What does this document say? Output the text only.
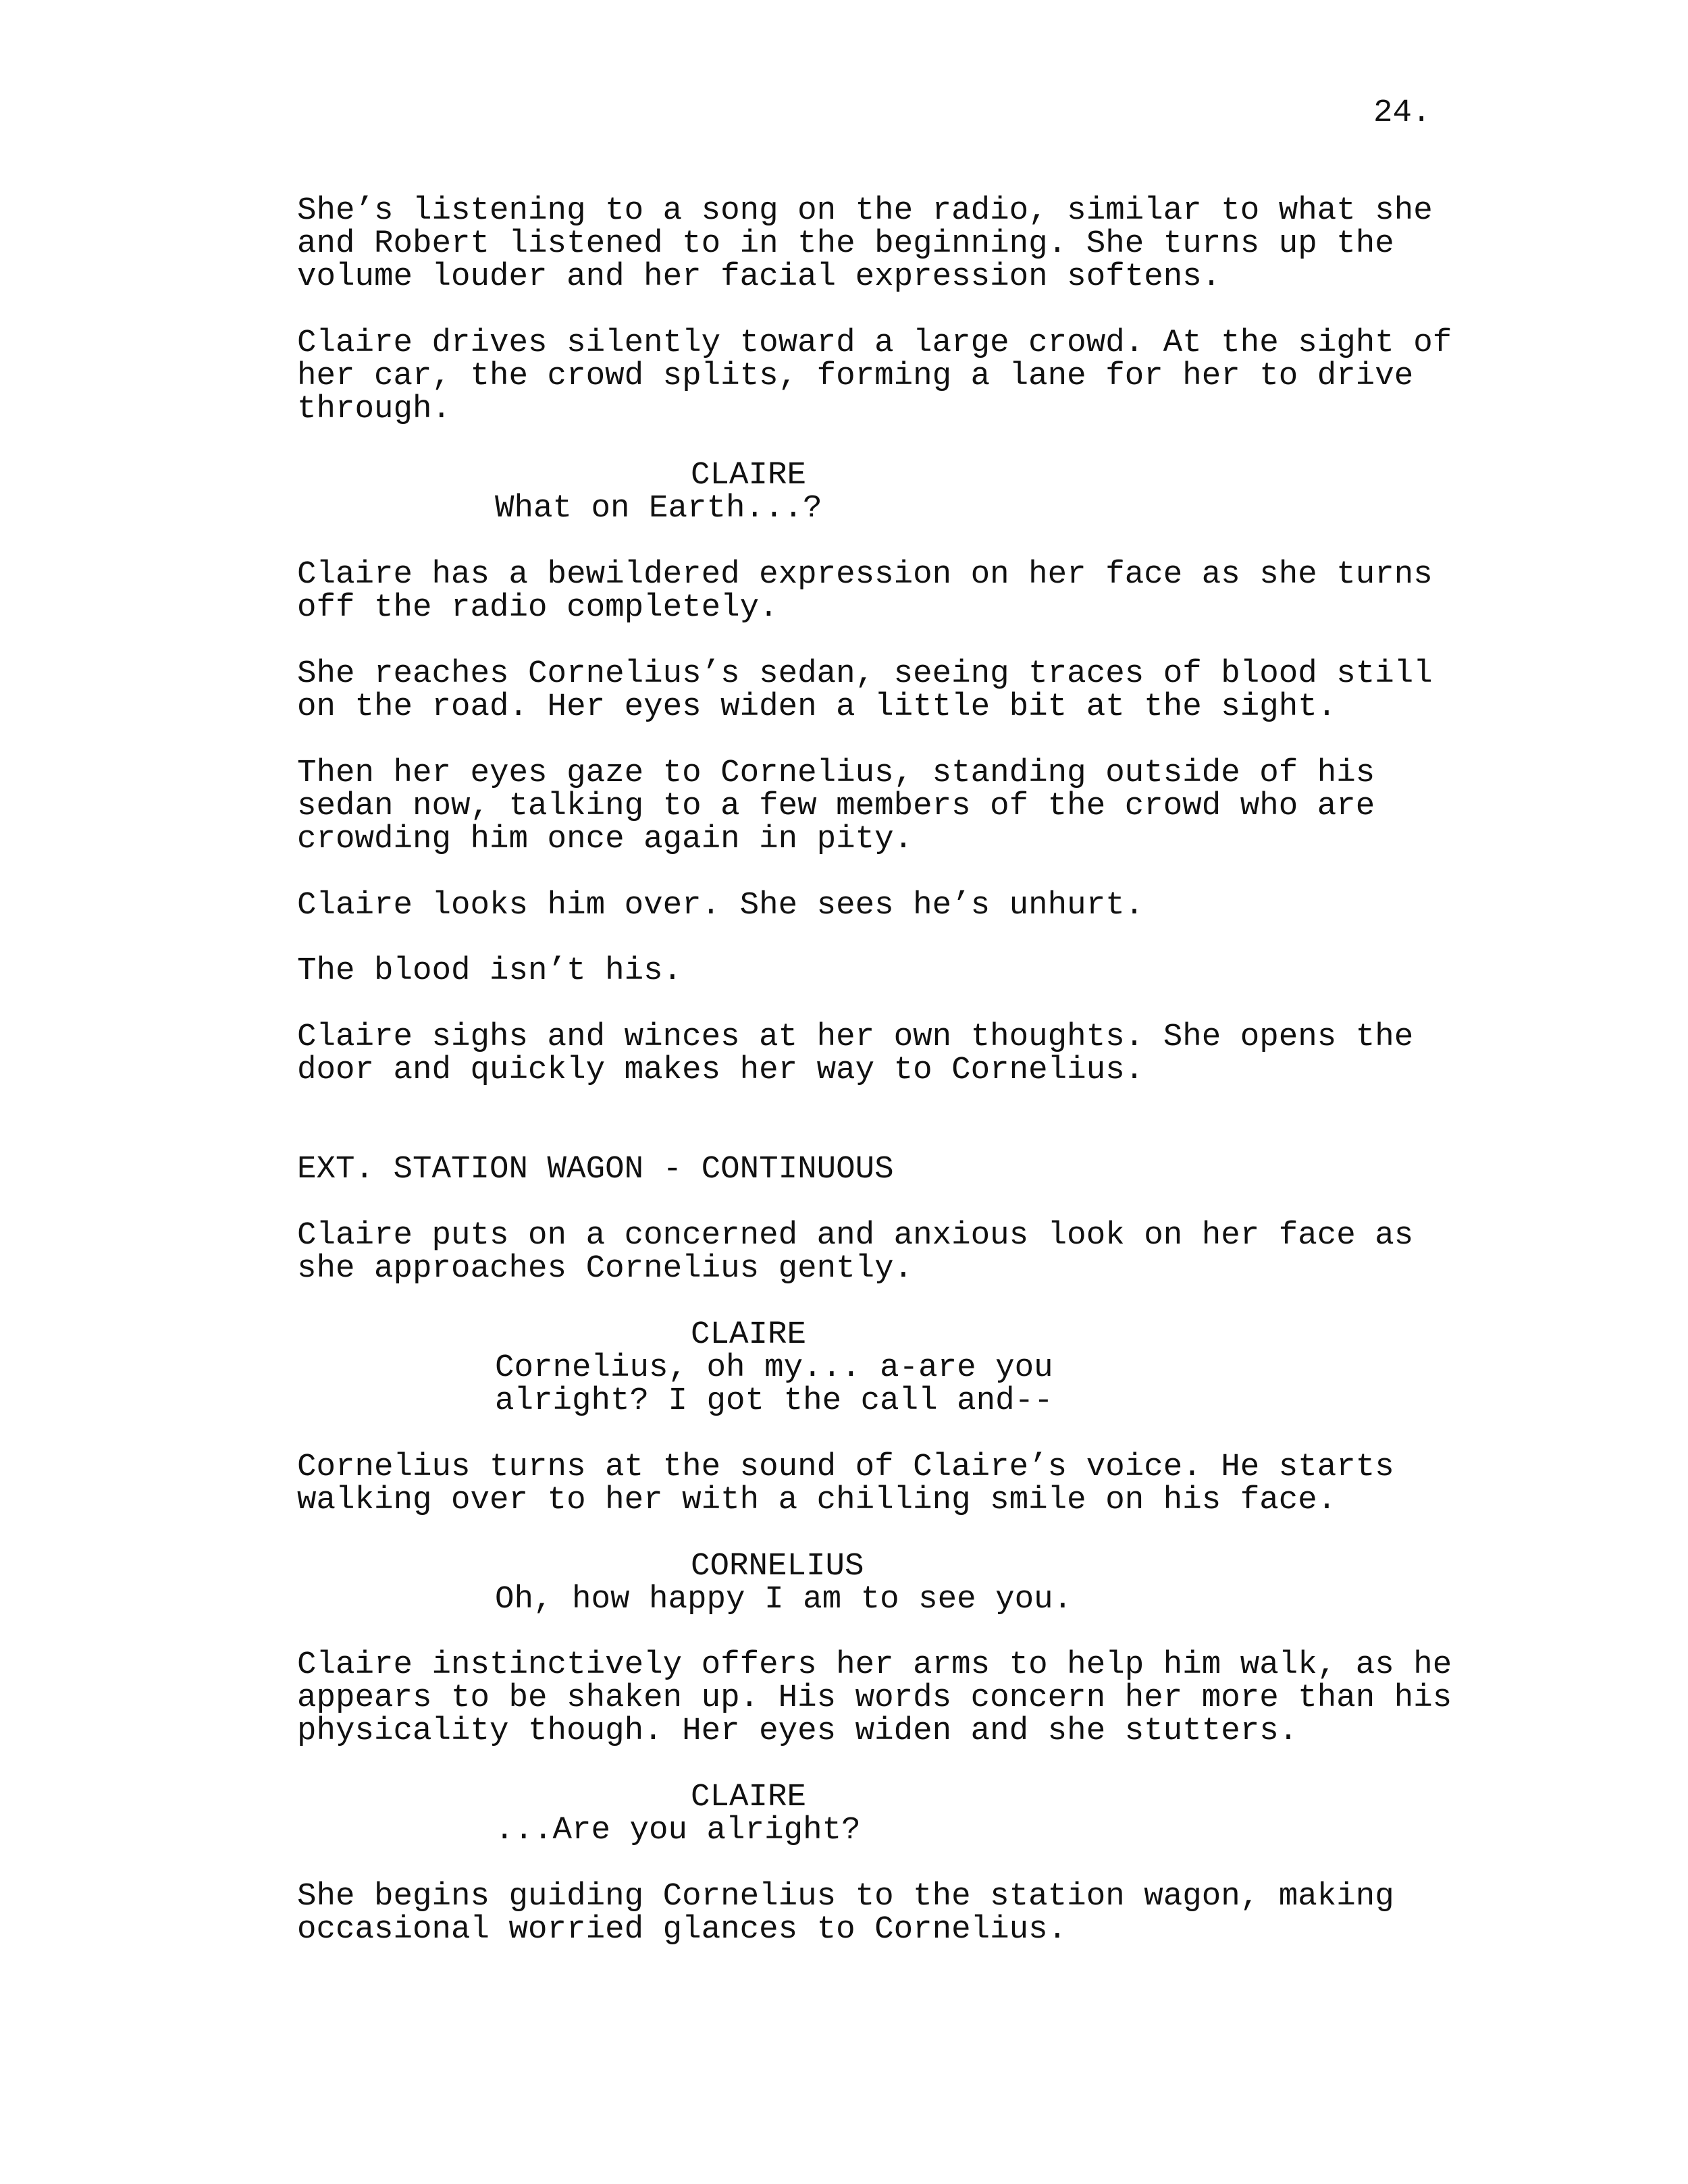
24.
She’s listening to a song on the radio, similar to what she
and Robert listened to in the beginning. She turns up the
volume louder and her facial expression softens.
Claire drives silently toward a large crowd. At the sight of
her car, the crowd splits, forming a lane for her to drive
through.
CLAIRE
What on Earth...?
Claire has a bewildered expression on her face as she turns
off the radio completely.
She reaches Cornelius’s sedan, seeing traces of blood still
on the road. Her eyes widen a little bit at the sight.
Then her eyes gaze to Cornelius, standing outside of his
sedan now, talking to a few members of the crowd who are
crowding him once again in pity.
Claire looks him over. She sees he’s unhurt.
The blood isn’t his.
Claire sighs and winces at her own thoughts. She opens the
door and quickly makes her way to Cornelius.
EXT. STATION WAGON - CONTINUOUS
Claire puts on a concerned and anxious look on her face as
she approaches Cornelius gently.
CLAIRE
Cornelius, oh my... a-are you
alright? I got the call and--
Cornelius turns at the sound of Claire’s voice. He starts
walking over to her with a chilling smile on his face.
CORNELIUS
Oh, how happy I am to see you.
Claire instinctively offers her arms to help him walk, as he
appears to be shaken up. His words concern her more than his
physicality though. Her eyes widen and she stutters.
CLAIRE
...Are you alright?
She begins guiding Cornelius to the station wagon, making
occasional worried glances to Cornelius.
